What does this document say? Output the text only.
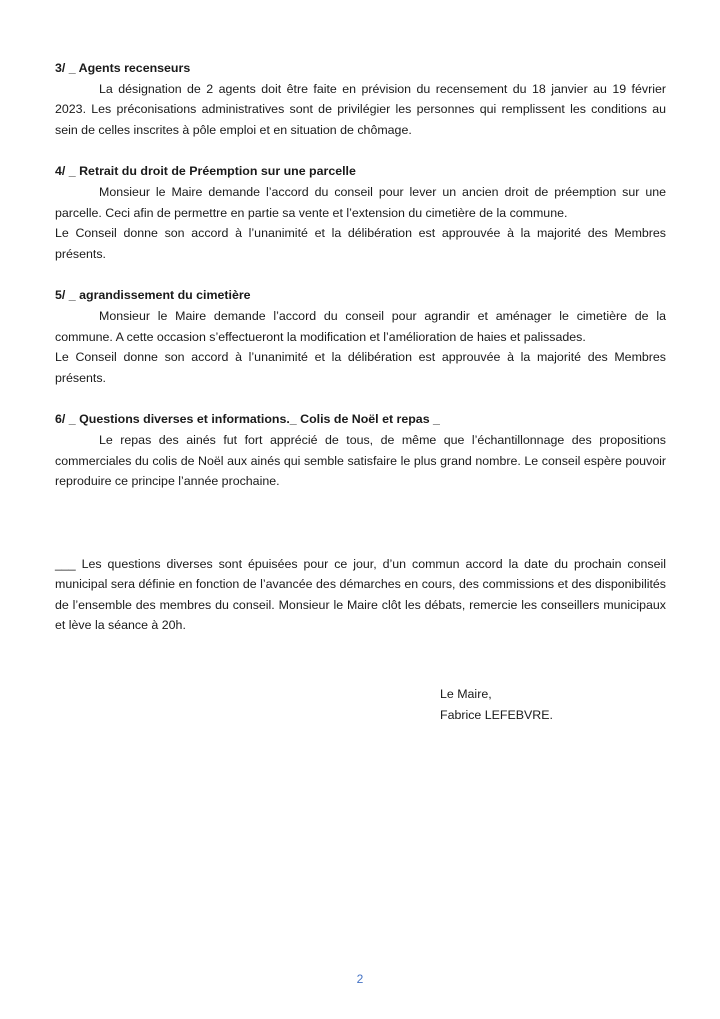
3/ _ Agents recenseurs

La désignation de 2 agents doit être faite en prévision du recensement du 18 janvier au 19 février 2023. Les préconisations administratives sont de privilégier les personnes qui remplissent les conditions au sein de celles inscrites à pôle emploi et en situation de chômage.

4/ _ Retrait du droit de Préemption sur une parcelle

Monsieur le Maire demande l’accord du conseil pour lever un ancien droit de préemption sur une parcelle. Ceci afin de permettre en partie sa vente et l’extension du cimetière de la commune.

Le Conseil donne son accord à l’unanimité et la délibération est approuvée à la majorité des Membres présents.

5/ _ agrandissement du cimetière

Monsieur le Maire demande l’accord du conseil pour agrandir et aménager le cimetière de la commune. A cette occasion s’effectueront la modification et l’amélioration de haies et palissades.

Le Conseil donne son accord à l’unanimité et la délibération est approuvée à la majorité des Membres présents.

6/ _ Questions diverses et informations._ Colis de Noël et repas _

Le repas des ainés fut fort apprécié de tous, de même que l’échantillonnage des propositions commerciales du colis de Noël aux ainés qui semble satisfaire le plus grand nombre. Le conseil espère pouvoir reproduire ce principe l’année prochaine.

___ Les questions diverses sont épuisées pour ce jour, d’un commun accord la date du prochain conseil municipal sera définie en fonction de l’avancée des démarches en cours, des commissions et des disponibilités de l’ensemble des membres du conseil. Monsieur le Maire clôt les débats, remercie les conseillers municipaux et lève la séance à 20h.

Le Maire,

Fabrice LEFEBVRE.

2
